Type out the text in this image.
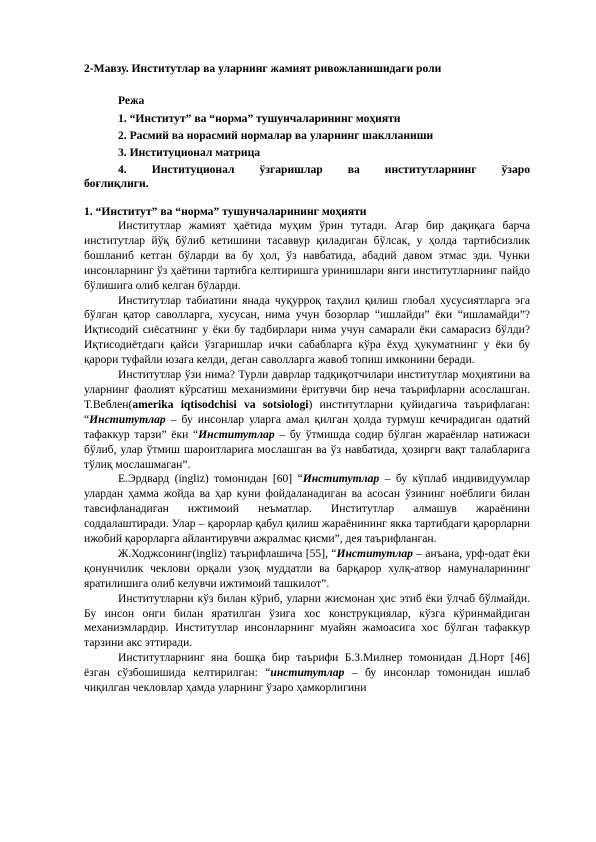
2-Мавзу. Институтлар ва уларнинг жамият ривожланишидаги роли

Режа

1. “Институт” ва “норма” тушунчаларининг моҳияти

2. Расмий ва норасмий нормалар ва уларнинг шаклланиши

3. Институционал матрица

4. Институционал ўзгаришлар ва институтларнинг ўзаро

боғлиқлиги.

1. “Институт” ва “норма” тушунчаларининг моҳияти

Институтлар жамият ҳаётида муҳим ўрин тутади. Агар бир дақиқага барча институтлар йўқ бўлиб кетишини тасаввур қиладиган бўлсак, у ҳолда тартибсизлик бошланиб кетган бўларди ва бу ҳол, ўз навбатида, абадий давом этмас эди. Чунки инсонларнинг ўз ҳаётини тартибга келтиришга уринишлари янги институтларнинг пайдо бўлишига олиб келган бўларди.

Институтлар табиатини янада чуқурроқ таҳлил қилиш глобал хусусиятларга эга бўлган қатор саволларга, хусусан, нима учун бозорлар “ишлайди” ёки “ишламайди”? Иқтисодий сиёсатнинг у ёки бу тадбирлари нима учун самарали ёки самарасиз бўлди? Иқтисодиётдаги қайси ўзгаришлар ички сабабларга кўра ёхуд ҳукуматнинг у ёки бу қарори туфайли юзага келди, деган саволларга жавоб топиш имконини беради.

Институтлар ўзи нима? Турли даврлар тадқиқотчилари институтлар моҳиятини ва уларнинг фаолият кўрсатиш механизмини ёритувчи бир неча таърифларни асослашган. Т.Веблен(amerika iqtisodchisi va sotsiologi) институтларни қуйидагича таърифлаган: “Институтлар – бу инсонлар уларга амал қилган ҳолда турмуш кечирадиган одатий тафаккур тарзи” ёки “Институтлар – бу ўтмишда содир бўлган жараёнлар натижаси бўлиб, улар ўтмиш шароитларига мослашган ва ўз навбатида, ҳозирги вақт талабларига тўлиқ мослашмаган”.

Е.Эрдвард (ingliz) томонидан [60] “Институтлар – бу кўплаб индивидуумлар улардан ҳамма жойда ва ҳар куни фойдаланадиган ва асосан ўзининг ноёблиги билан тавсифланадиган ижтимоий неъматлар. Институтлар алмашув жараёнини соддалаштиради. Улар – қарорлар қабул қилиш жараёнининг якка тартибдаги қарорларни ижобий қарорларга айлантирувчи ажралмас қисми”, дея таърифланган.

Ж.Ходжсонинг(ingliz) таърифлашича [55], “Институтлар – анъана, урф-одат ёки қонунчилик чеклови орқали узоқ муддатли ва барқарор хулқ-атвор намуналарининг яратилишига олиб келувчи ижтимоий ташкилот”.

Институтларни кўз билан кўриб, уларни жисмонан ҳис этиб ёки ўлчаб бўлмайди. Бу инсон онги билан яратилган ўзига хос конструкциялар, кўзга кўринмайдиган механизмлардир. Институтлар инсонларнинг муайян жамоасига хос бўлган тафаккур тарзини акс эттиради.

Институтларнинг яна бошқа бир таърифи Б.З.Милнер томонидан Д.Норт [46] ёзган сўзбошишида келтирилган: “институтлар – бу инсонлар томонидан ишлаб чиқилган чекловлар ҳамда уларнинг ўзаро ҳамкорлигини
